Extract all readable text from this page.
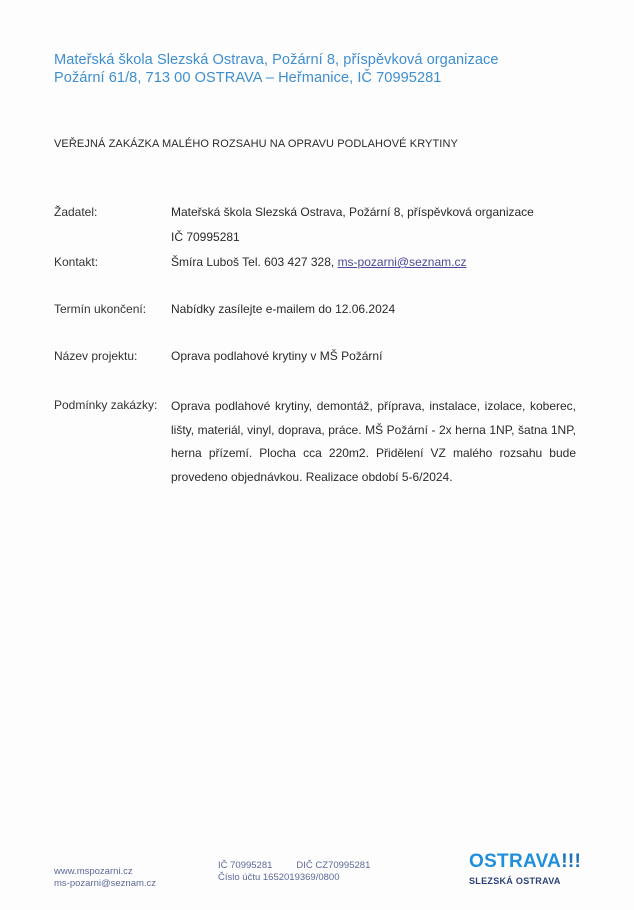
Mateřská škola Slezská Ostrava, Požární 8, příspěvková organizace
Požární 61/8, 713 00 OSTRAVA – Heřmanice, IČ 70995281
VEŘEJNÁ ZAKÁZKA MALÉHO ROZSAHU NA OPRAVU PODLAHOVÉ KRYTINY
Žadatel:	Mateřská škola Slezská Ostrava, Požární 8, příspěvková organizace
IČ 70995281
Kontakt:	Šmíra Luboš Tel. 603 427 328, ms-pozarni@seznam.cz
Termín ukončení: Nabídky zasílejte e-mailem do 12.06.2024
Název projektu:	Oprava podlahové krytiny v MŠ Požární
Podmínky zakázky: Oprava podlahové krytiny, demontáž, příprava, instalace, izolace, koberec, lišty, materiál, vinyl, doprava, práce. MŠ Požární - 2x herna 1NP, šatna 1NP, herna přízemí. Plocha cca 220m2. Přidělení VZ malého rozsahu bude provedeno objednávkou. Realizace období 5-6/2024.
www.mspozarni.cz
ms-pozarni@seznam.cz
IČ 70995281	DIČ CZ70995281
Číslo účtu 1652019369/0800
OSTRAVA!!!
SLEZSKÁ OSTRAVA
